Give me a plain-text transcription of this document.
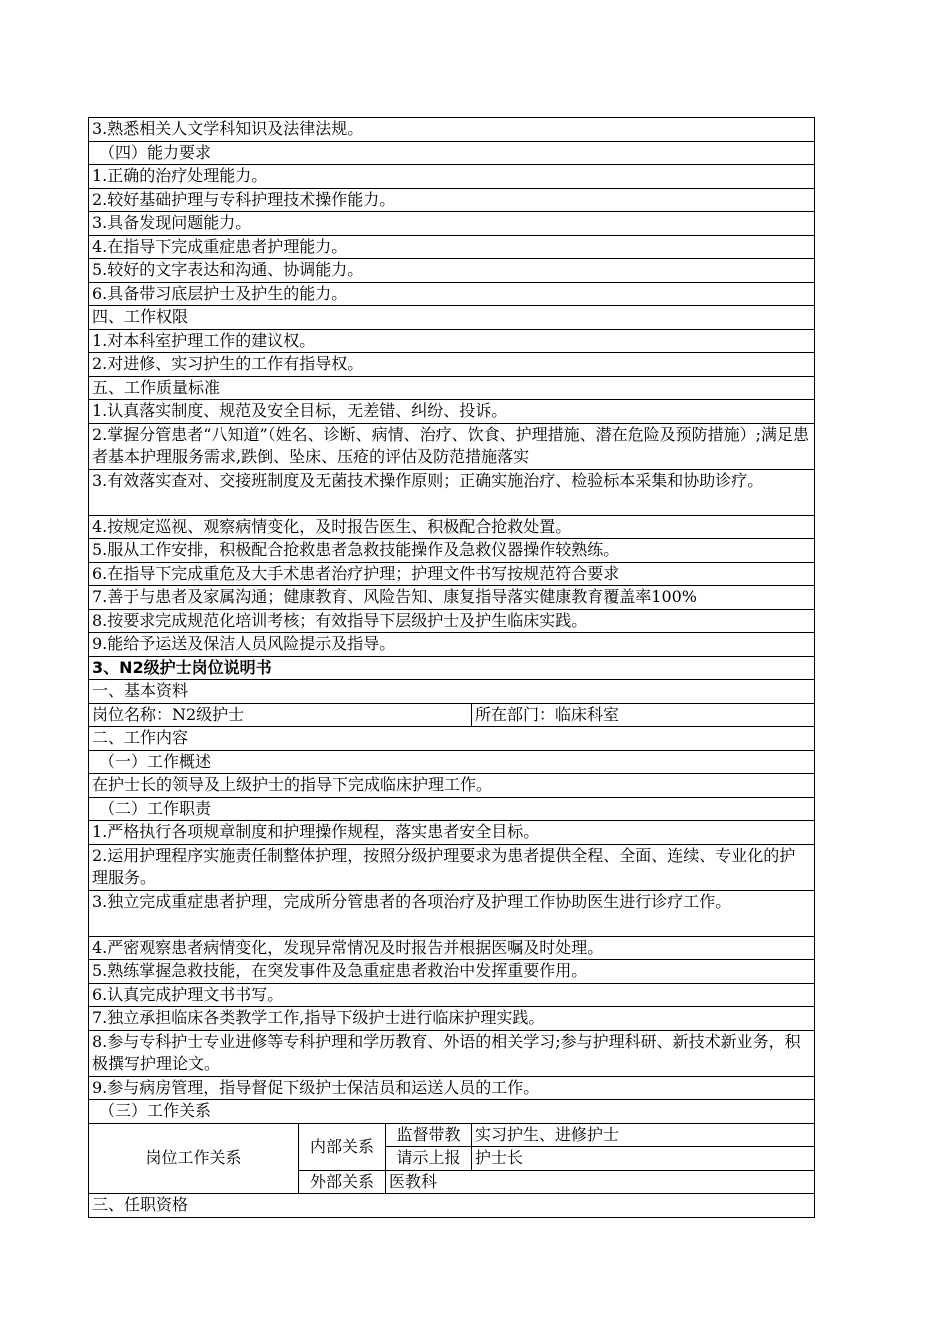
3.熟悉相关人文学科知识及法律法规。			
（四）能力要求			
1.正确的治疗处理能力。			
2.较好基础护理与专科护理技术操作能力。			
3.具备发现问题能力。			
4.在指导下完成重症患者护理能力。			
5.较好的文字表达和沟通、协调能力。			
6.具备带习底层护士及护生的能力。			
四、工作权限			
1.对本科室护理工作的建议权。			
2.对进修、实习护生的工作有指导权。			
五、工作质量标准			
1.认真落实制度、规范及安全目标，无差错、纠纷、投诉。			
2.掌握分管患者“八知道”（姓名、诊断、病情、治疗、饮食、护理措施、潜在危险及预防措施）;满足患者基本护理服务需求,跌倒、坠床、压疮的评估及防范措施落实			
3.有效落实查对、交接班制度及无菌技术操作原则；正确实施治疗、检验标本采集和协助诊疗。			
4.按规定巡视、观察病情变化，及时报告医生、积极配合抢救处置。			
5.服从工作安排，积极配合抢救患者急救技能操作及急救仪器操作较熟练。			
6.在指导下完成重危及大手术患者治疗护理；护理文件书写按规范符合要求			
7.善于与患者及家属沟通；健康教育、风险告知、康复指导落实健康教育覆盖率100%			
8.按要求完成规范化培训考核；有效指导下层级护士及护生临床实践。			
9.能给予运送及保洁人员风险提示及指导。			
3、N2级护士岗位说明书			
一、基本资料			
岗位名称：N2级护士			所在部门：临床科室
二、工作内容			
（一）工作概述			
在护士长的领导及上级护士的指导下完成临床护理工作。			
（二）工作职责			
1.严格执行各项规章制度和护理操作规程，落实患者安全目标。			
2.运用护理程序实施责任制整体护理，按照分级护理要求为患者提供全程、全面、连续、专业化的护理服务。			
3.独立完成重症患者护理，完成所分管患者的各项治疗及护理工作协助医生进行诊疗工作。			
4.严密观察患者病情变化，发现异常情况及时报告并根据医嘱及时处理。			
5.熟练掌握急救技能，在突发事件及急重症患者救治中发挥重要作用。			
6.认真完成护理文书书写。			
7.独立承担临床各类教学工作,指导下级护士进行临床护理实践。			
8.参与专科护士专业进修等专科护理和学历教育、外语的相关学习;参与护理科研、新技术新业务，积极撰写护理论文。			
9.参与病房管理，指导督促下级护士保洁员和运送人员的工作。			
（三）工作关系			
岗位工作关系	内部关系	监督带教	实习护生、进修护士
		请示上报	护士长
	外部关系	医教科	
三、任职资格			
